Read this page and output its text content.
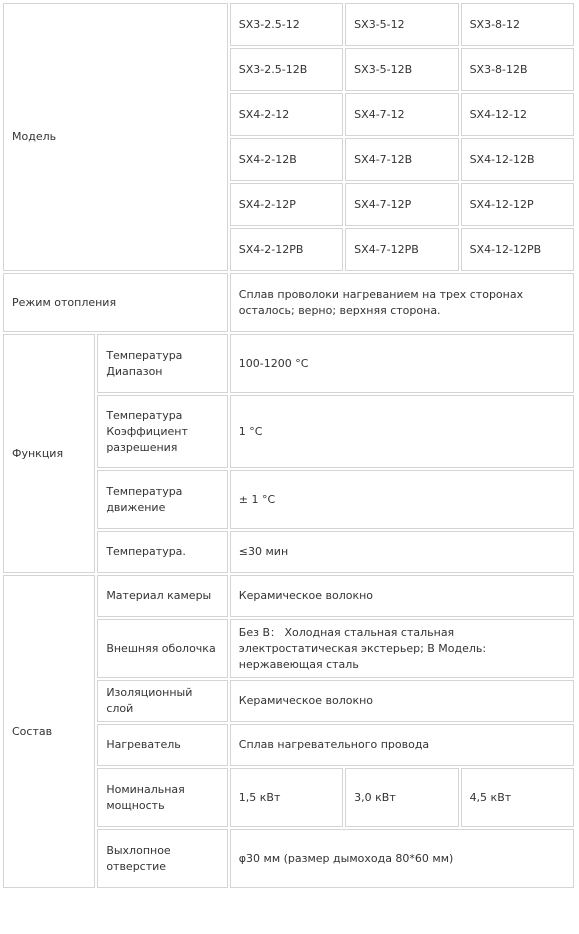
Модель		SX3-2.5-12	SX3-5-12	SX3-8-12
		SX3-2.5-12B	SX3-5-12B	SX3-8-12B
		SX4-2-12	SX4-7-12	SX4-12-12
		SX4-2-12B	SX4-7-12B	SX4-12-12B
		SX4-2-12P	SX4-7-12P	SX4-12-12P
		SX4-2-12PB	SX4-7-12PB	SX4-12-12PB
Режим отопления		Сплав проволоки нагреванием на трех сторонах осталось; верно; верхняя сторона.		
Функция	Температура Диапазон	100-1200 °C		
	Температура Коэффициент разрешения	1 °C		
	Температура движение	± 1 °C		
	Температура.	≤30 мин		
Состав	Материал камеры	Керамическое волокно		
	Внешняя оболочка	Без В： Холодная стальная стальная электростатическая экстерьер; В Модель: нержавеющая сталь		
	Изоляционный слой	Керамическое волокно		
	Нагреватель	Сплав нагревательного провода		
	Номинальная мощность	1,5 кВт	3,0 кВт	4,5 кВт
	Выхлопное отверстие	φ30 мм (размер дымохода 80*60 мм)		
